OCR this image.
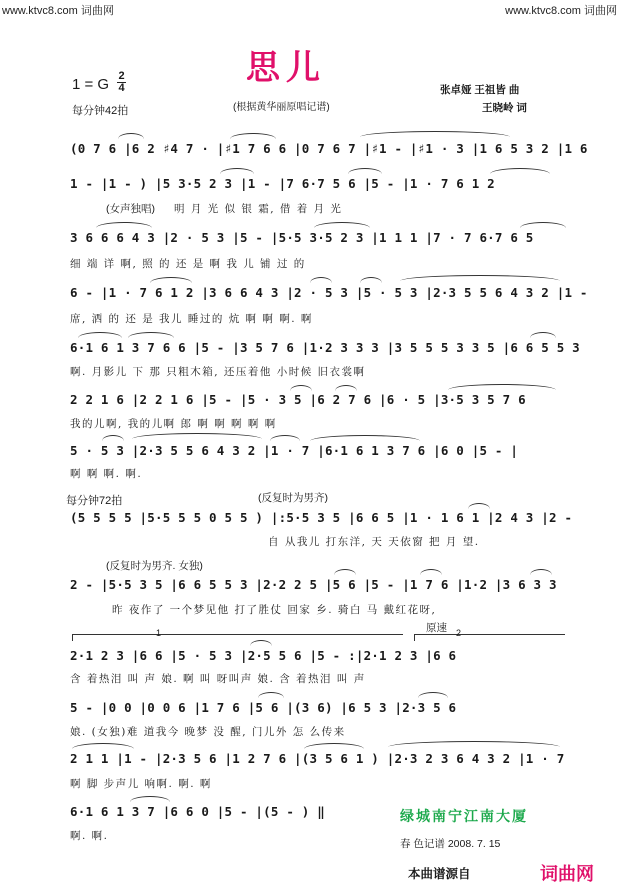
www.ktvc8.com 词曲网	www.ktvc8.com 词曲网
思儿
1 = G 2
4
每分钟42拍	(根据黄华丽原唱记谱)
张卓娅 王祖皆 曲
王晓岭 词
(0 7 6 |6 2 ♯4 7 · |♯1 7 6 6 |0 7 6 7 |♯1 - |♯1 · 3 |1 6 5 3 2 |1 6
1 - |1 - ) |5 3·5 2 3 |1 - |7 6·7 5 6 |5 - |1 · 7 6 1 2
(女声独唱) 明 月 光 似 银 霜, 借 着 月 光
3 6 6 6 4 3 |2 · 5 3 |5 - |5·5 3·5 2 3 |1 1 1 |7 · 7 6·7 6 5
细 端 详 啊, 照 的 还 是 啊 我 儿 铺 过 的
6 - |1 · 7 6 1 2 |3 6 6 4 3 |2 · 5 3 |5 · 5 3 |2·3 5 5 6 4 3 2 |1 -
席, 洒 的 还 是 我儿 睡过的 炕 啊 啊 啊. 啊
6·1 6 1 3 7 6 6 |5 - |3 5 7 6 |1·2 3 3 3 |3 5 5 5 3 3 5 |6 6 5 5 3
啊. 月影儿 下 那 只粗木箱, 还压着他 小时候 旧衣裳啊
2 2 1 6 |2 2 1 6 |5 - |5 · 3 5 |6 2 7 6 |6 · 5 |3·5 3 5 7 6
我的儿啊, 我的儿啊 郎 啊 啊 啊 啊 啊
5 · 5 3 |2·3 5 5 6 4 3 2 |1 · 7 |6·1 6 1 3 7 6 |6 0 |5 - |
啊 啊 啊. 啊.
每分钟72拍	(反复时为男齐)
(5 5 5 5 |5·5 5 5 0 5 5 ) |:5·5 3 5 |6 6 5 |1 · 1 6 1 |2 4 3 |2 -
自 从我儿 打东洋, 天 天依窗 把 月 望.
(反复时为男齐. 女独)
2 - |5·5 3 5 |6 6 5 5 3 |2·2 2 5 |5 6 |5 - |1 7 6 |1·2 |3 6 3 3
昨 夜作了 一个梦见他 打了胜仗 回家 乡. 骑白 马 戴红花呀,
1	2
原速
2·1 2 3 |6 6 |5 · 5 3 |2·5 5 6 |5 - :|2·1 2 3 |6 6
含 着热泪 叫 声 娘. 啊 叫 呀叫声 娘. 含 着热泪 叫 声
5 - |0 0 |0 0 6 |1 7 6 |5 6 |(3 6) |6 5 3 |2·3 5 6
娘. (女独)难 道我今 晚梦 没 醒, 门儿外 怎 么传来
2 1 1 |1 - |2·3 5 6 |1 2 7 6 |(3 5 6 1 ) |2·3 2 3 6 4 3 2 |1 · 7
啊 脚 步声儿 响啊. 啊. 啊
6·1 6 1 3 7 |6 6 0 |5 - |(5 - ) ‖
啊. 啊.
绿城南宁江南大厦
春 色记谱 2008. 7. 15
本曲谱源自	词曲网
